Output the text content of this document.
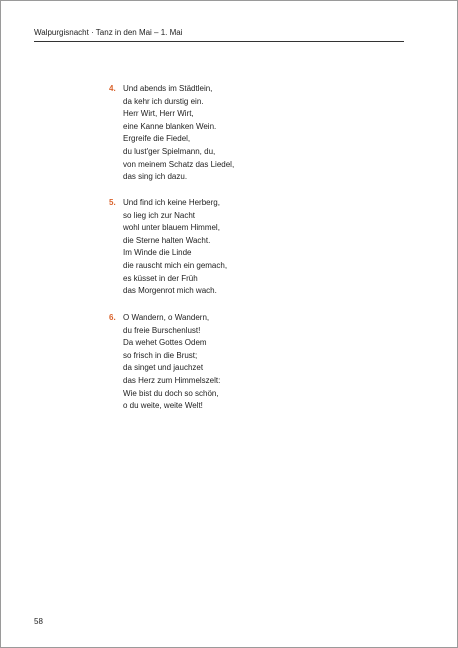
Walpurgisnacht · Tanz in den Mai – 1. Mai
4. Und abends im Städtlein,
da kehr ich durstig ein.
Herr Wirt, Herr Wirt,
eine Kanne blanken Wein.
Ergreife die Fiedel,
du lust'ger Spielmann, du,
von meinem Schatz das Liedel,
das sing ich dazu.
5. Und find ich keine Herberg,
so lieg ich zur Nacht
wohl unter blauem Himmel,
die Sterne halten Wacht.
Im Winde die Linde
die rauscht mich ein gemach,
es küsset in der Früh
das Morgenrot mich wach.
6. O Wandern, o Wandern,
du freie Burschenlust!
Da wehet Gottes Odem
so frisch in die Brust;
da singet und jauchzet
das Herz zum Himmelszelt:
Wie bist du doch so schön,
o du weite, weite Welt!
58
